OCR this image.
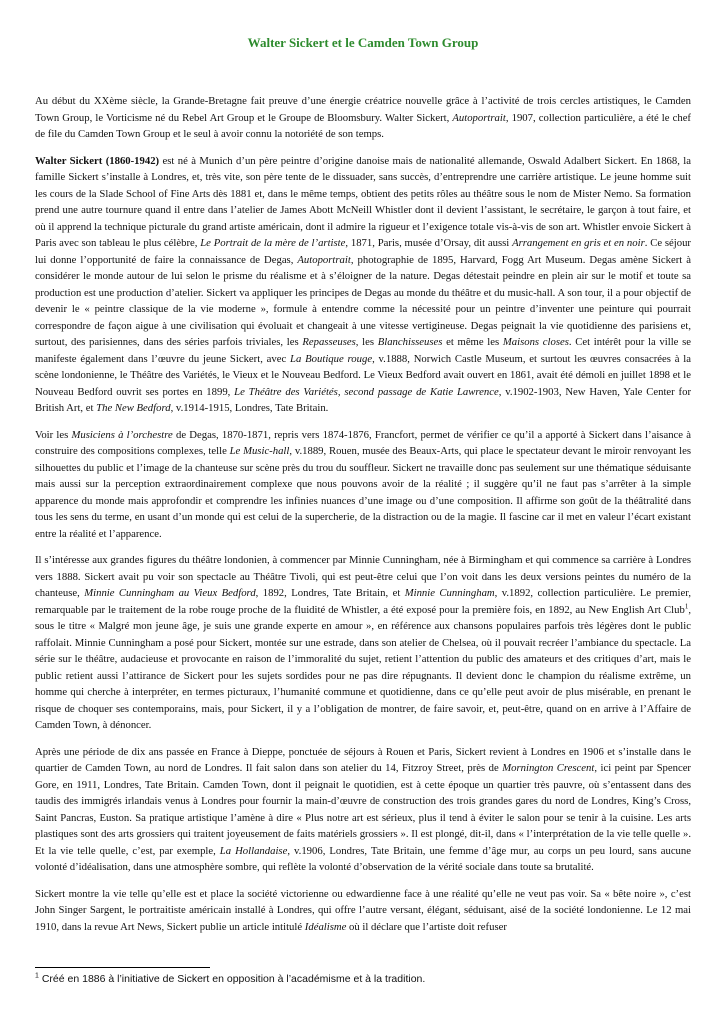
Walter Sickert et le Camden Town Group

Au début du XXème siècle, la Grande-Bretagne fait preuve d’une énergie créatrice nouvelle grâce à l’activité de trois cercles artistiques, le Camden Town Group, le Vorticisme né du Rebel Art Group et le Groupe de Bloomsbury. Walter Sickert, Autoportrait, 1907, collection particulière, a été le chef de file du Camden Town Group et le seul à avoir connu la notoriété de son temps.

Walter Sickert (1860-1942) est né à Munich d’un père peintre d’origine danoise mais de nationalité allemande, Oswald Adalbert Sickert. En 1868, la famille Sickert s’installe à Londres, et, très vite, son père tente de le dissuader, sans succès, d’entreprendre une carrière artistique. Le jeune homme suit les cours de la Slade School of Fine Arts dès 1881 et, dans le même temps, obtient des petits rôles au théâtre sous le nom de Mister Nemo. Sa formation prend une autre tournure quand il entre dans l’atelier de James Abott McNeill Whistler dont il devient l’assistant, le secrétaire, le garçon à tout faire, et où il apprend la technique picturale du grand artiste américain, dont il admire la rigueur et l’exigence totale vis-à-vis de son art. Whistler envoie Sickert à Paris avec son tableau le plus célèbre, Le Portrait de la mère de l’artiste, 1871, Paris, musée d’Orsay, dit aussi Arrangement en gris et en noir. Ce séjour lui donne l’opportunité de faire la connaissance de Degas, Autoportrait, photographie de 1895, Harvard, Fogg Art Museum. Degas amène Sickert à considérer le monde autour de lui selon le prisme du réalisme et à s’éloigner de la nature. Degas détestait peindre en plein air sur le motif et toute sa production est une production d’atelier. Sickert va appliquer les principes de Degas au monde du théâtre et du music-hall. A son tour, il a pour objectif de devenir le « peintre classique de la vie moderne », formule à entendre comme la nécessité pour un peintre d’inventer une peinture qui pourrait correspondre de façon aigue à une civilisation qui évoluait et changeait à une vitesse vertigineuse. Degas peignait la vie quotidienne des parisiens et, surtout, des parisiennes, dans des séries parfois triviales, les Repasseuses, les Blanchisseuses et même les Maisons closes. Cet intérêt pour la ville se manifeste également dans l’œuvre du jeune Sickert, avec La Boutique rouge, v.1888, Norwich Castle Museum, et surtout les œuvres consacrées à la scène londonienne, le Théâtre des Variétés, le Vieux et le Nouveau Bedford. Le Vieux Bedford avait ouvert en 1861, avait été démoli en juillet 1898 et le Nouveau Bedford ouvrit ses portes en 1899, Le Théâtre des Variétés, second passage de Katie Lawrence, v.1902-1903, New Haven, Yale Center for British Art, et The New Bedford, v.1914-1915, Londres, Tate Britain.

Voir les Musiciens à l’orchestre de Degas, 1870-1871, repris vers 1874-1876, Francfort, permet de vérifier ce qu’il a apporté à Sickert dans l’aisance à construire des compositions complexes, telle Le Music-hall, v.1889, Rouen, musée des Beaux-Arts, qui place le spectateur devant le miroir renvoyant les silhouettes du public et l’image de la chanteuse sur scène près du trou du souffleur. Sickert ne travaille donc pas seulement sur une thématique séduisante mais aussi sur la perception extraordinairement complexe que nous pouvons avoir de la réalité ; il suggère qu’il ne faut pas s’arrêter à la simple apparence du monde mais approfondir et comprendre les infinies nuances d’une image ou d’une composition. Il affirme son goût de la théâtralité dans tous les sens du terme, en usant d’un monde qui est celui de la supercherie, de la distraction ou de la magie. Il fascine car il met en valeur l’écart existant entre la réalité et l’apparence.

Il s’intéresse aux grandes figures du théâtre londonien, à commencer par Minnie Cunningham, née à Birmingham et qui commence sa carrière à Londres vers 1888. Sickert avait pu voir son spectacle au Théâtre Tivoli, qui est peut-être celui que l’on voit dans les deux versions peintes du numéro de la chanteuse, Minnie Cunningham au Vieux Bedford, 1892, Londres, Tate Britain, et Minnie Cunningham, v.1892, collection particulière. Le premier, remarquable par le traitement de la robe rouge proche de la fluidité de Whistler, a été exposé pour la première fois, en 1892, au New English Art Club$^1$, sous le titre « Malgré mon jeune âge, je suis une grande experte en amour », en référence aux chansons populaires parfois très légères dont le public raffolait. Minnie Cunningham a posé pour Sickert, montée sur une estrade, dans son atelier de Chelsea, où il pouvait recréer l’ambiance du spectacle. La série sur le théâtre, audacieuse et provocante en raison de l’immoralité du sujet, retient l’attention du public des amateurs et des critiques d’art, mais le public retient aussi l’attirance de Sickert pour les sujets sordides pour ne pas dire répugnants. Il devient donc le champion du réalisme extrême, un homme qui cherche à interpréter, en termes picturaux, l’humanité commune et quotidienne, dans ce qu’elle peut avoir de plus misérable, en prenant le risque de choquer ses contemporains, mais, pour Sickert, il y a l’obligation de montrer, de faire savoir, et, peut-être, quand on en arrive à l’Affaire de Camden Town, à dénoncer.

Après une période de dix ans passée en France à Dieppe, ponctuée de séjours à Rouen et Paris, Sickert revient à Londres en 1906 et s’installe dans le quartier de Camden Town, au nord de Londres. Il fait salon dans son atelier du 14, Fitzroy Street, près de Mornington Crescent, ici peint par Spencer Gore, en 1911, Londres, Tate Britain. Camden Town, dont il peignait le quotidien, est à cette époque un quartier très pauvre, où s’entassent dans des taudis des immigrés irlandais venus à Londres pour fournir la main-d’œuvre de construction des trois grandes gares du nord de Londres, King’s Cross, Saint Pancras, Euston. Sa pratique artistique l’amène à dire « Plus notre art est sérieux, plus il tend à éviter le salon pour se tenir à la cuisine. Les arts plastiques sont des arts grossiers qui traitent joyeusement de faits matériels grossiers ». Il est plongé, dit-il, dans « l’interprétation de la vie telle quelle ». Et la vie telle quelle, c’est, par exemple, La Hollandaise, v.1906, Londres, Tate Britain, une femme d’âge mur, au corps un peu lourd, sans aucune volonté d’idéalisation, dans une atmosphère sombre, qui reflète la volonté d’observation de la vérité sociale dans toute sa brutalité.

Sickert montre la vie telle qu’elle est et place la société victorienne ou edwardienne face à une réalité qu’elle ne veut pas voir. Sa « bête noire », c’est John Singer Sargent, le portraitiste américain installé à Londres, qui offre l’autre versant, élégant, séduisant, aisé de la société londonienne. Le 12 mai 1910, dans la revue Art News, Sickert publie un article intitulé Idéalisme où il déclare que l’artiste doit refuser

$^1$ Créé en 1886 à l’initiative de Sickert en opposition à l’académisme et à la tradition.
